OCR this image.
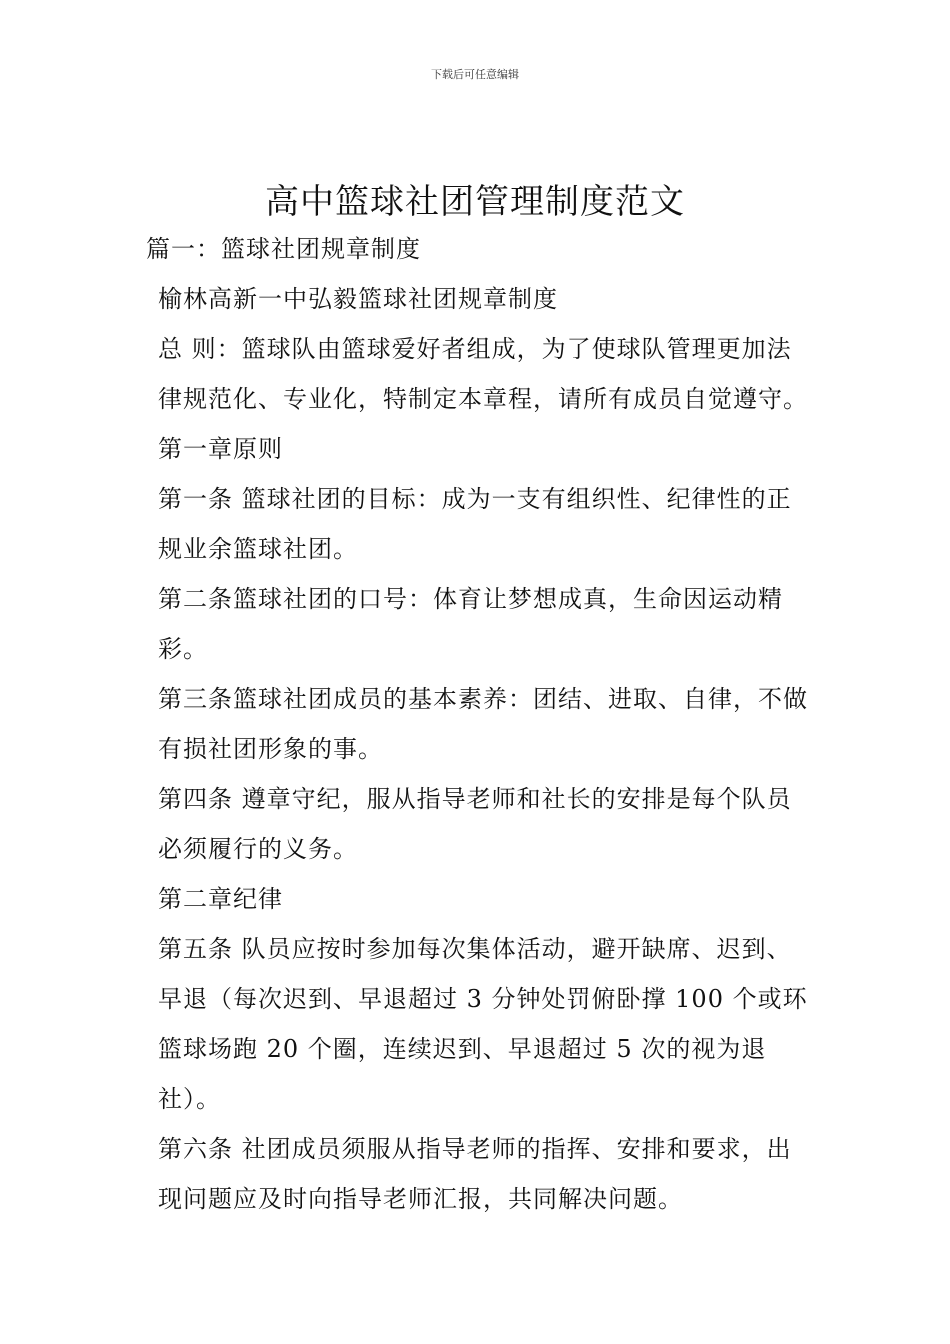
下载后可任意编辑
高中篮球社团管理制度范文

篇一：篮球社团规章制度

榆林高新一中弘毅篮球社团规章制度

总 则：篮球队由篮球爱好者组成，为了使球队管理更加法律规范化、专业化，特制定本章程，请所有成员自觉遵守。

第一章原则

第一条 篮球社团的目标：成为一支有组织性、纪律性的正规业余篮球社团。

第二条篮球社团的口号：体育让梦想成真，生命因运动精彩。

第三条篮球社团成员的基本素养：团结、进取、自律，不做有损社团形象的事。

第四条 遵章守纪，服从指导老师和社长的安排是每个队员必须履行的义务。

第二章纪律

第五条 队员应按时参加每次集体活动，避开缺席、迟到、早退（每次迟到、早退超过 3 分钟处罚俯卧撑 100 个或环篮球场跑 20 个圈，连续迟到、早退超过 5 次的视为退社）。

第六条 社团成员须服从指导老师的指挥、安排和要求，出现问题应及时向指导老师汇报，共同解决问题。
